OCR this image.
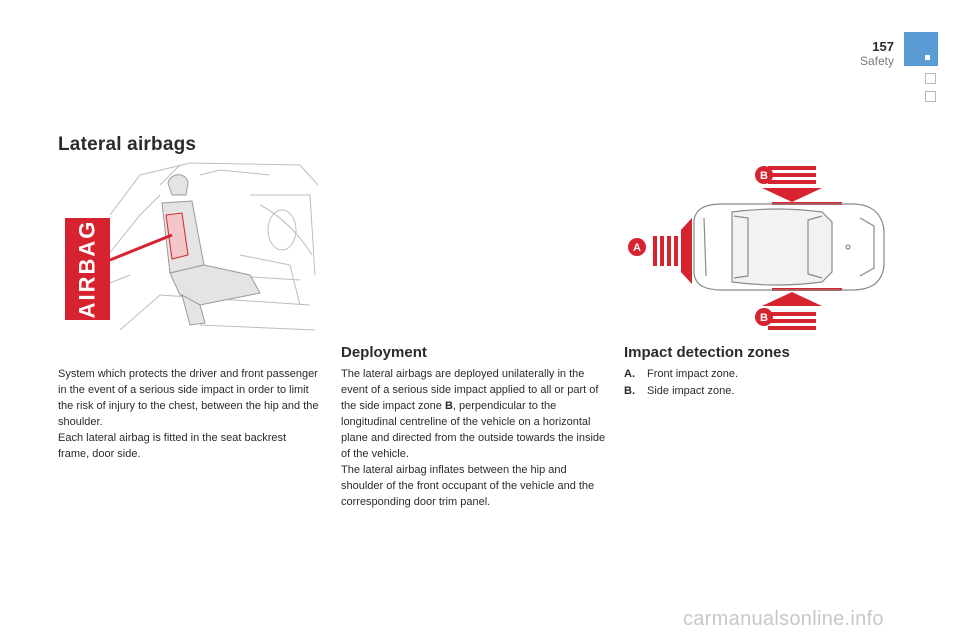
157
Safety
Lateral airbags
AIRBAG	A
B
B

System which protects the driver and front passenger in the event of a serious side impact in order to limit the risk of injury to the chest, between the hip and the shoulder.

Each lateral airbag is fitted in the seat backrest frame, door side.

Deployment

The lateral airbags are deployed unilaterally in the event of a serious side impact applied to all or part of the side impact zone B, perpendicular to the longitudinal centreline of the vehicle on a horizontal plane and directed from the outside towards the inside of the vehicle.

The lateral airbag inflates between the hip and shoulder of the front occupant of the vehicle and the corresponding door trim panel.

Impact detection zones
A.	Front impact zone.
B.	Side impact zone.
carmanualsonline.info
